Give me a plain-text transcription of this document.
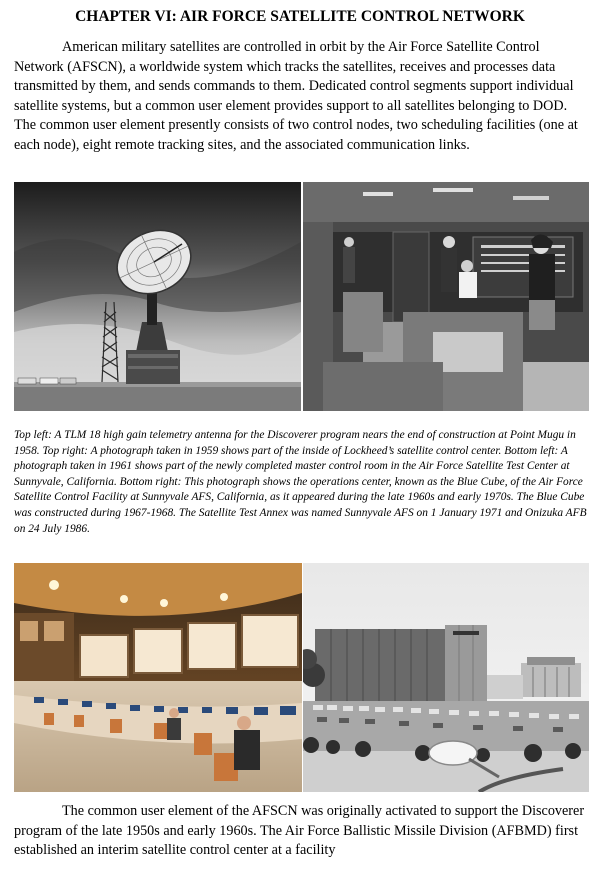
CHAPTER VI: AIR FORCE SATELLITE CONTROL NETWORK

American military satellites are controlled in orbit by the Air Force Satellite Control Network (AFSCN), a worldwide system which tracks the satellites, receives and processes data transmitted by them, and sends commands to them. Dedicated control segments support individual satellite systems, but a common user element provides support to all satellites belonging to DOD. The common user element presently consists of two control nodes, two scheduling facilities (one at each node), eight remote tracking sites, and the associated communication links.

Top left: A TLM 18 high gain telemetry antenna for the Discoverer program nears the end of construction at Point Mugu in 1958. Top right: A photograph taken in 1959 shows part of the inside of Lockheed’s satellite control center. Bottom left: A photograph taken in 1961 shows part of the newly completed master control room in the Air Force Satellite Test Center at Sunnyvale, California. Bottom right: This photograph shows the operations center, known as the Blue Cube, of the Air Force Satellite Control Facility at Sunnyvale AFS, California, as it appeared during the late 1960s and early 1970s. The Blue Cube was constructed during 1967-1968. The Satellite Test Annex was named Sunnyvale AFS on 1 January 1971 and Onizuka AFB on 24 July 1986.

The common user element of the AFSCN was originally activated to support the Discoverer program of the late 1950s and early 1960s. The Air Force Ballistic Missile Division (AFBMD) first established an interim satellite control center at a facility
